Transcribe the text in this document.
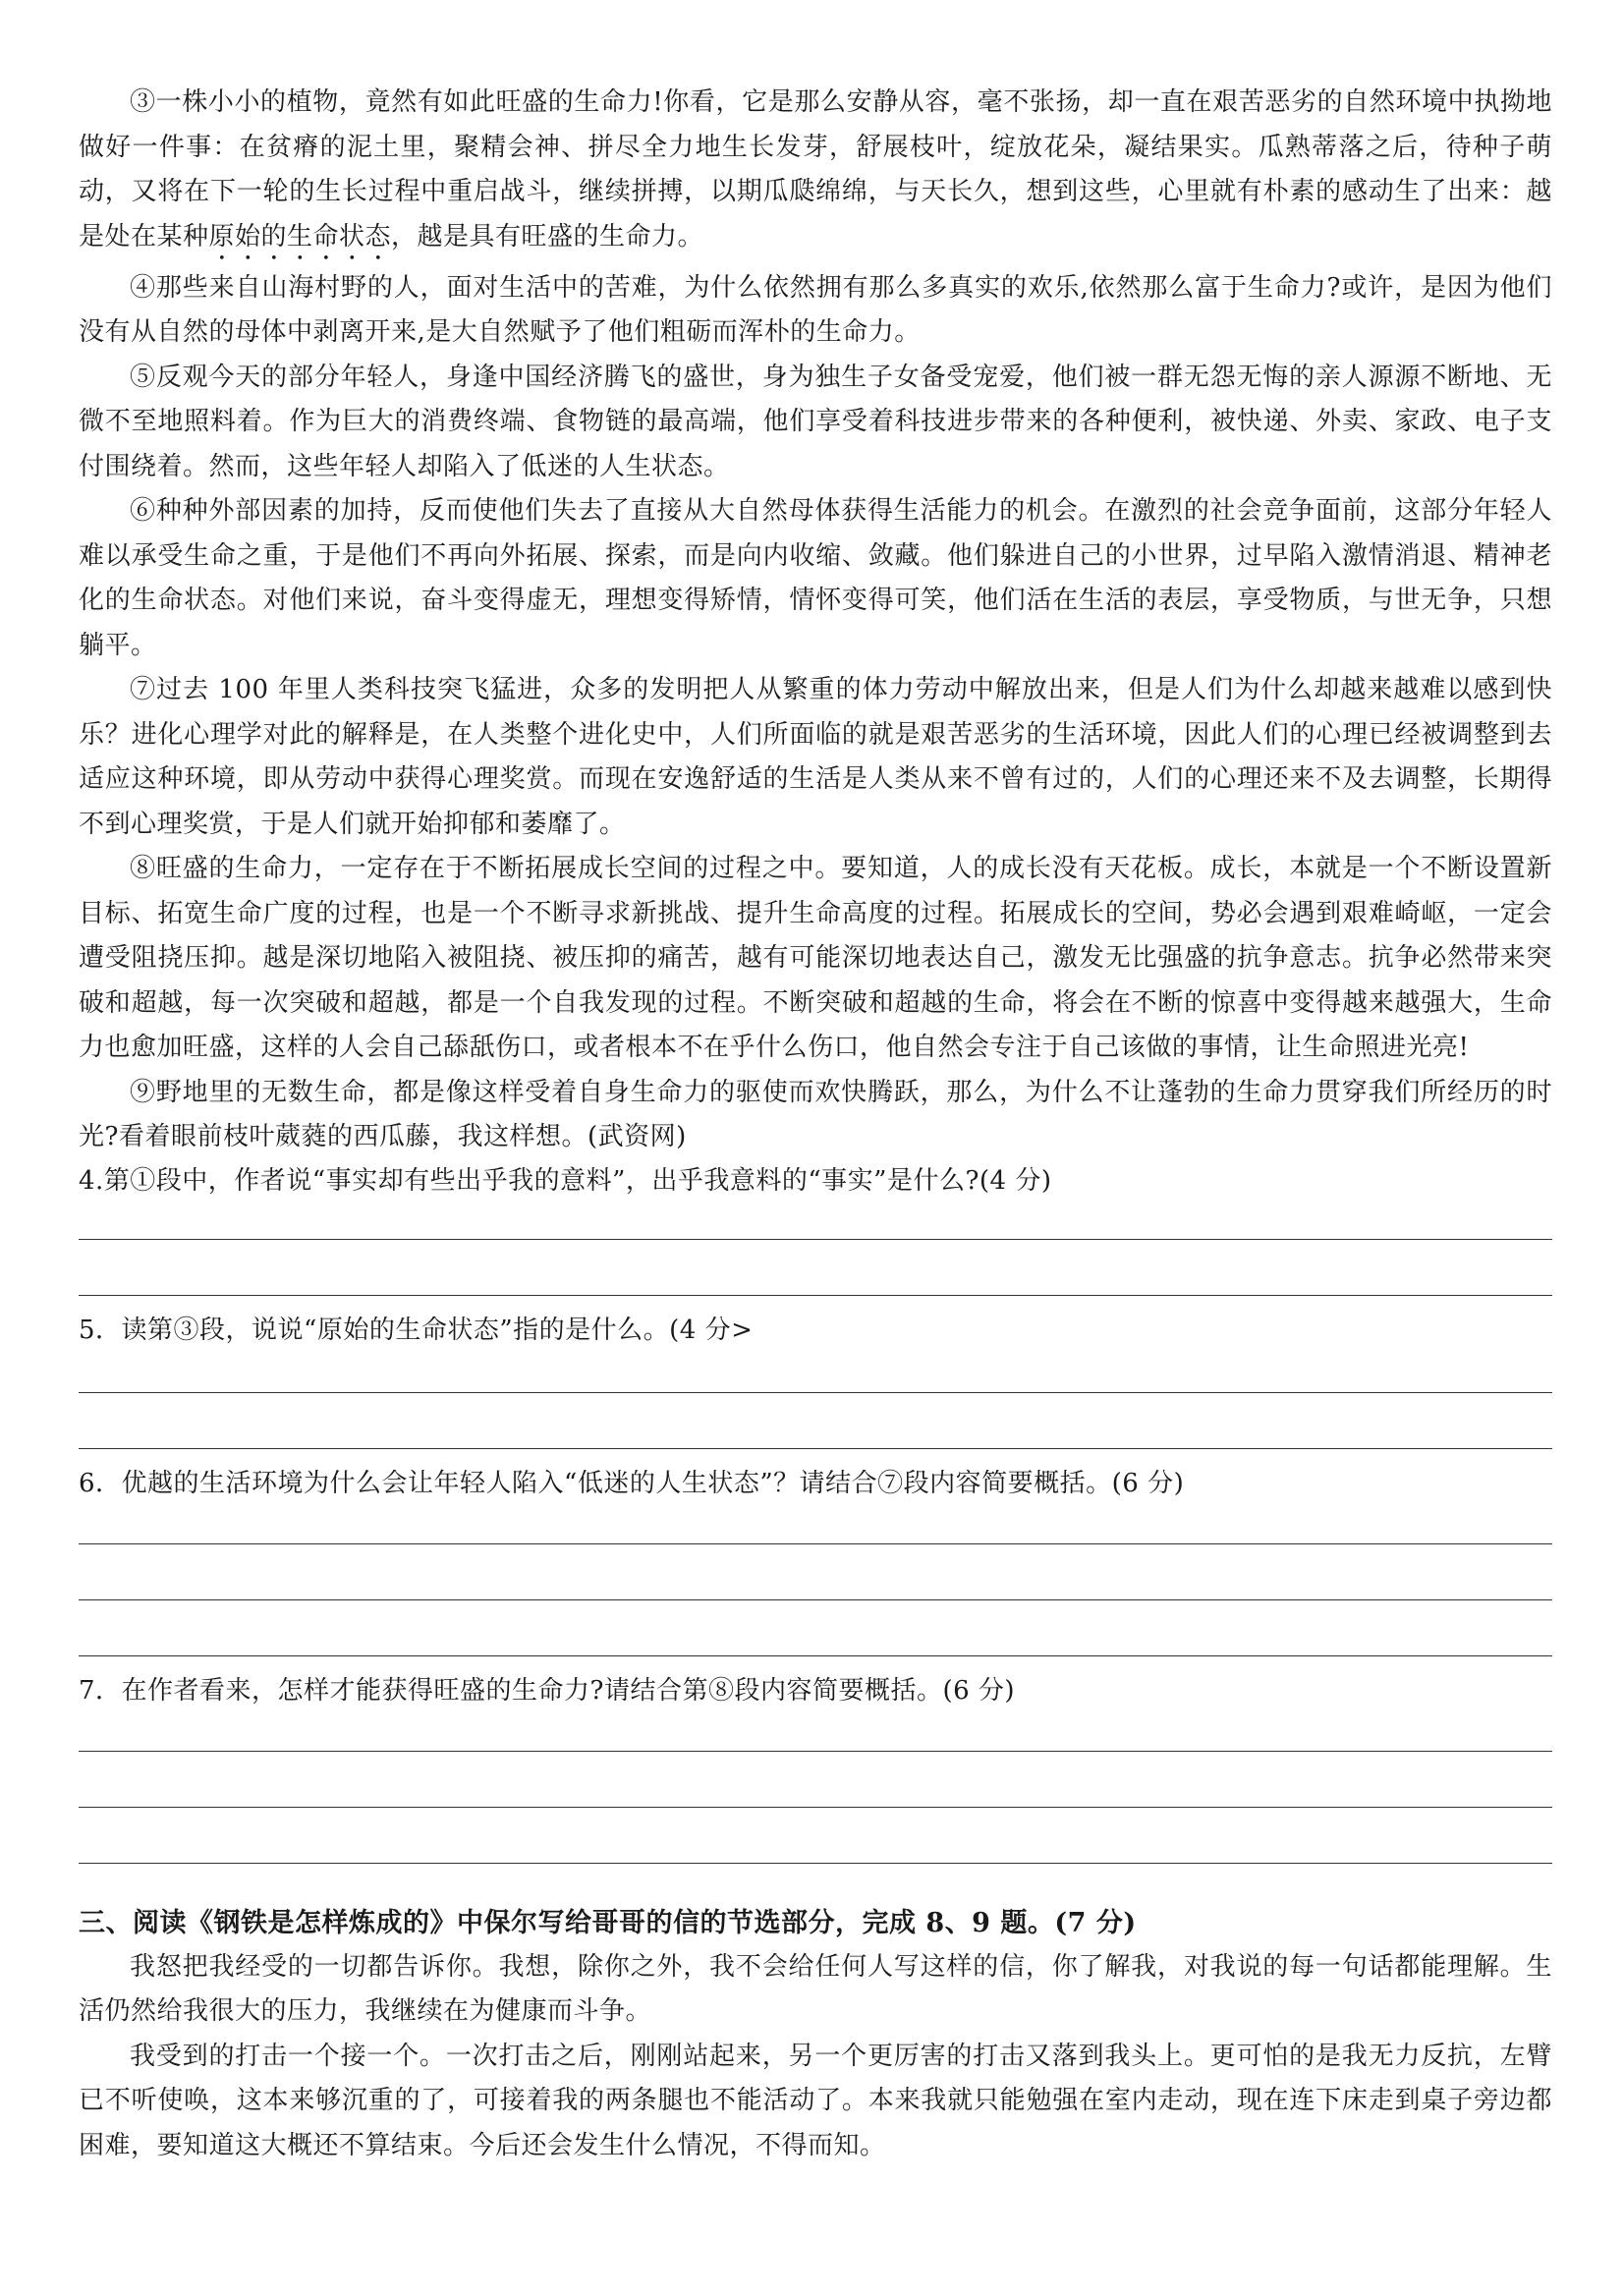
③一株小小的植物，竟然有如此旺盛的生命力!你看，它是那么安静从容，毫不张扬，却一直在艰苦恶劣的自然环境中执拗地做好一件事：在贫瘠的泥土里，聚精会神、拼尽全力地生长发芽，舒展枝叶，绽放花朵，凝结果实。瓜熟蒂落之后，待种子萌动，又将在下一轮的生长过程中重启战斗，继续拼搏，以期瓜瓞绵绵，与天长久，想到这些，心里就有朴素的感动生了出来：越是处在某种原始的生命状态，越是具有旺盛的生命力。

④那些来自山海村野的人，面对生活中的苦难，为什么依然拥有那么多真实的欢乐,依然那么富于生命力?或许，是因为他们没有从自然的母体中剥离开来,是大自然赋予了他们粗砺而浑朴的生命力。

⑤反观今天的部分年轻人，身逢中国经济腾飞的盛世，身为独生子女备受宠爱，他们被一群无怨无悔的亲人源源不断地、无微不至地照料着。作为巨大的消费终端、食物链的最高端，他们享受着科技进步带来的各种便利，被快递、外卖、家政、电子支付围绕着。然而，这些年轻人却陷入了低迷的人生状态。

⑥种种外部因素的加持，反而使他们失去了直接从大自然母体获得生活能力的机会。在激烈的社会竞争面前，这部分年轻人难以承受生命之重，于是他们不再向外拓展、探索，而是向内收缩、敛藏。他们躲进自己的小世界，过早陷入激情消退、精神老化的生命状态。对他们来说，奋斗变得虚无，理想变得矫情，情怀变得可笑，他们活在生活的表层，享受物质，与世无争，只想躺平。

⑦过去 100 年里人类科技突飞猛进，众多的发明把人从繁重的体力劳动中解放出来，但是人们为什么却越来越难以感到快乐？进化心理学对此的解释是，在人类整个进化史中，人们所面临的就是艰苦恶劣的生活环境，因此人们的心理已经被调整到去适应这种环境，即从劳动中获得心理奖赏。而现在安逸舒适的生活是人类从来不曾有过的，人们的心理还来不及去调整，长期得不到心理奖赏，于是人们就开始抑郁和萎靡了。

⑧旺盛的生命力，一定存在于不断拓展成长空间的过程之中。要知道，人的成长没有天花板。成长，本就是一个不断设置新目标、拓宽生命广度的过程，也是一个不断寻求新挑战、提升生命高度的过程。拓展成长的空间，势必会遇到艰难崎岖，一定会遭受阻挠压抑。越是深切地陷入被阻挠、被压抑的痛苦，越有可能深切地表达自己，激发无比强盛的抗争意志。抗争必然带来突破和超越，每一次突破和超越，都是一个自我发现的过程。不断突破和超越的生命，将会在不断的惊喜中变得越来越强大，生命力也愈加旺盛，这样的人会自己舔舐伤口，或者根本不在乎什么伤口，他自然会专注于自己该做的事情，让生命照进光亮!

⑨野地里的无数生命，都是像这样受着自身生命力的驱使而欢快腾跃，那么，为什么不让蓬勃的生命力贯穿我们所经历的时光?看着眼前枝叶葳蕤的西瓜藤，我这样想。(武资网)

4.第①段中，作者说“事实却有些出乎我的意料”，出乎我意料的“事实”是什么?(4 分)

5．读第③段，说说“原始的生命状态”指的是什么。(4 分>

6．优越的生活环境为什么会让年轻人陷入“低迷的人生状态”？请结合⑦段内容简要概括。(6 分)

7．在作者看来，怎样才能获得旺盛的生命力?请结合第⑧段内容简要概括。(6 分)

三、阅读《钢铁是怎样炼成的》中保尔写给哥哥的信的节选部分，完成 8、9 题。(7 分)

我怒把我经受的一切都告诉你。我想，除你之外，我不会给任何人写这样的信，你了解我，对我说的每一句话都能理解。生活仍然给我很大的压力，我继续在为健康而斗争。

我受到的打击一个接一个。一次打击之后，刚刚站起来，另一个更厉害的打击又落到我头上。更可怕的是我无力反抗，左臂已不听使唤，这本来够沉重的了，可接着我的两条腿也不能活动了。本来我就只能勉强在室内走动，现在连下床走到桌子旁边都困难，要知道这大概还不算结束。今后还会发生什么情况，不得而知。
